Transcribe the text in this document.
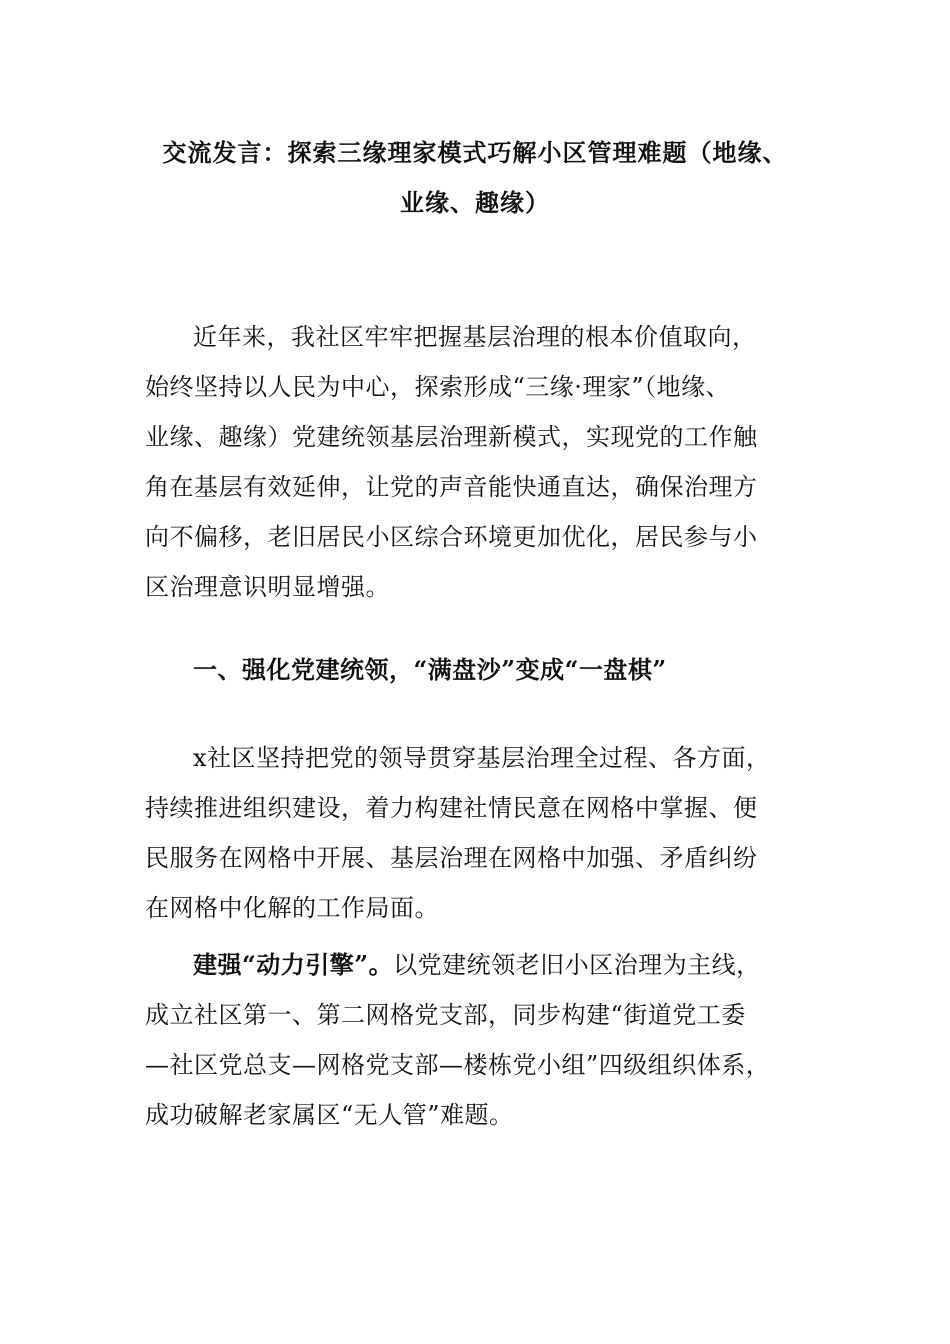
交流发言：探索三缘理家模式巧解小区管理难题（地缘、
业缘、趣缘）
近年来，我社区牢牢把握基层治理的根本价值取向，
始终坚持以人民为中心，探索形成“三缘·理家”（地缘、
业缘、趣缘）党建统领基层治理新模式，实现党的工作触
角在基层有效延伸，让党的声音能快通直达，确保治理方
向不偏移，老旧居民小区综合环境更加优化，居民参与小
区治理意识明显增强。
一、强化党建统领，“满盘沙”变成“一盘棋”
x社区坚持把党的领导贯穿基层治理全过程、各方面，
持续推进组织建设，着力构建社情民意在网格中掌握、便
民服务在网格中开展、基层治理在网格中加强、矛盾纠纷
在网格中化解的工作局面。
建强“动力引擎”。以党建统领老旧小区治理为主线，
成立社区第一、第二网格党支部，同步构建“街道党工委
—社区党总支—网格党支部—楼栋党小组”四级组织体系，
成功破解老家属区“无人管”难题。
